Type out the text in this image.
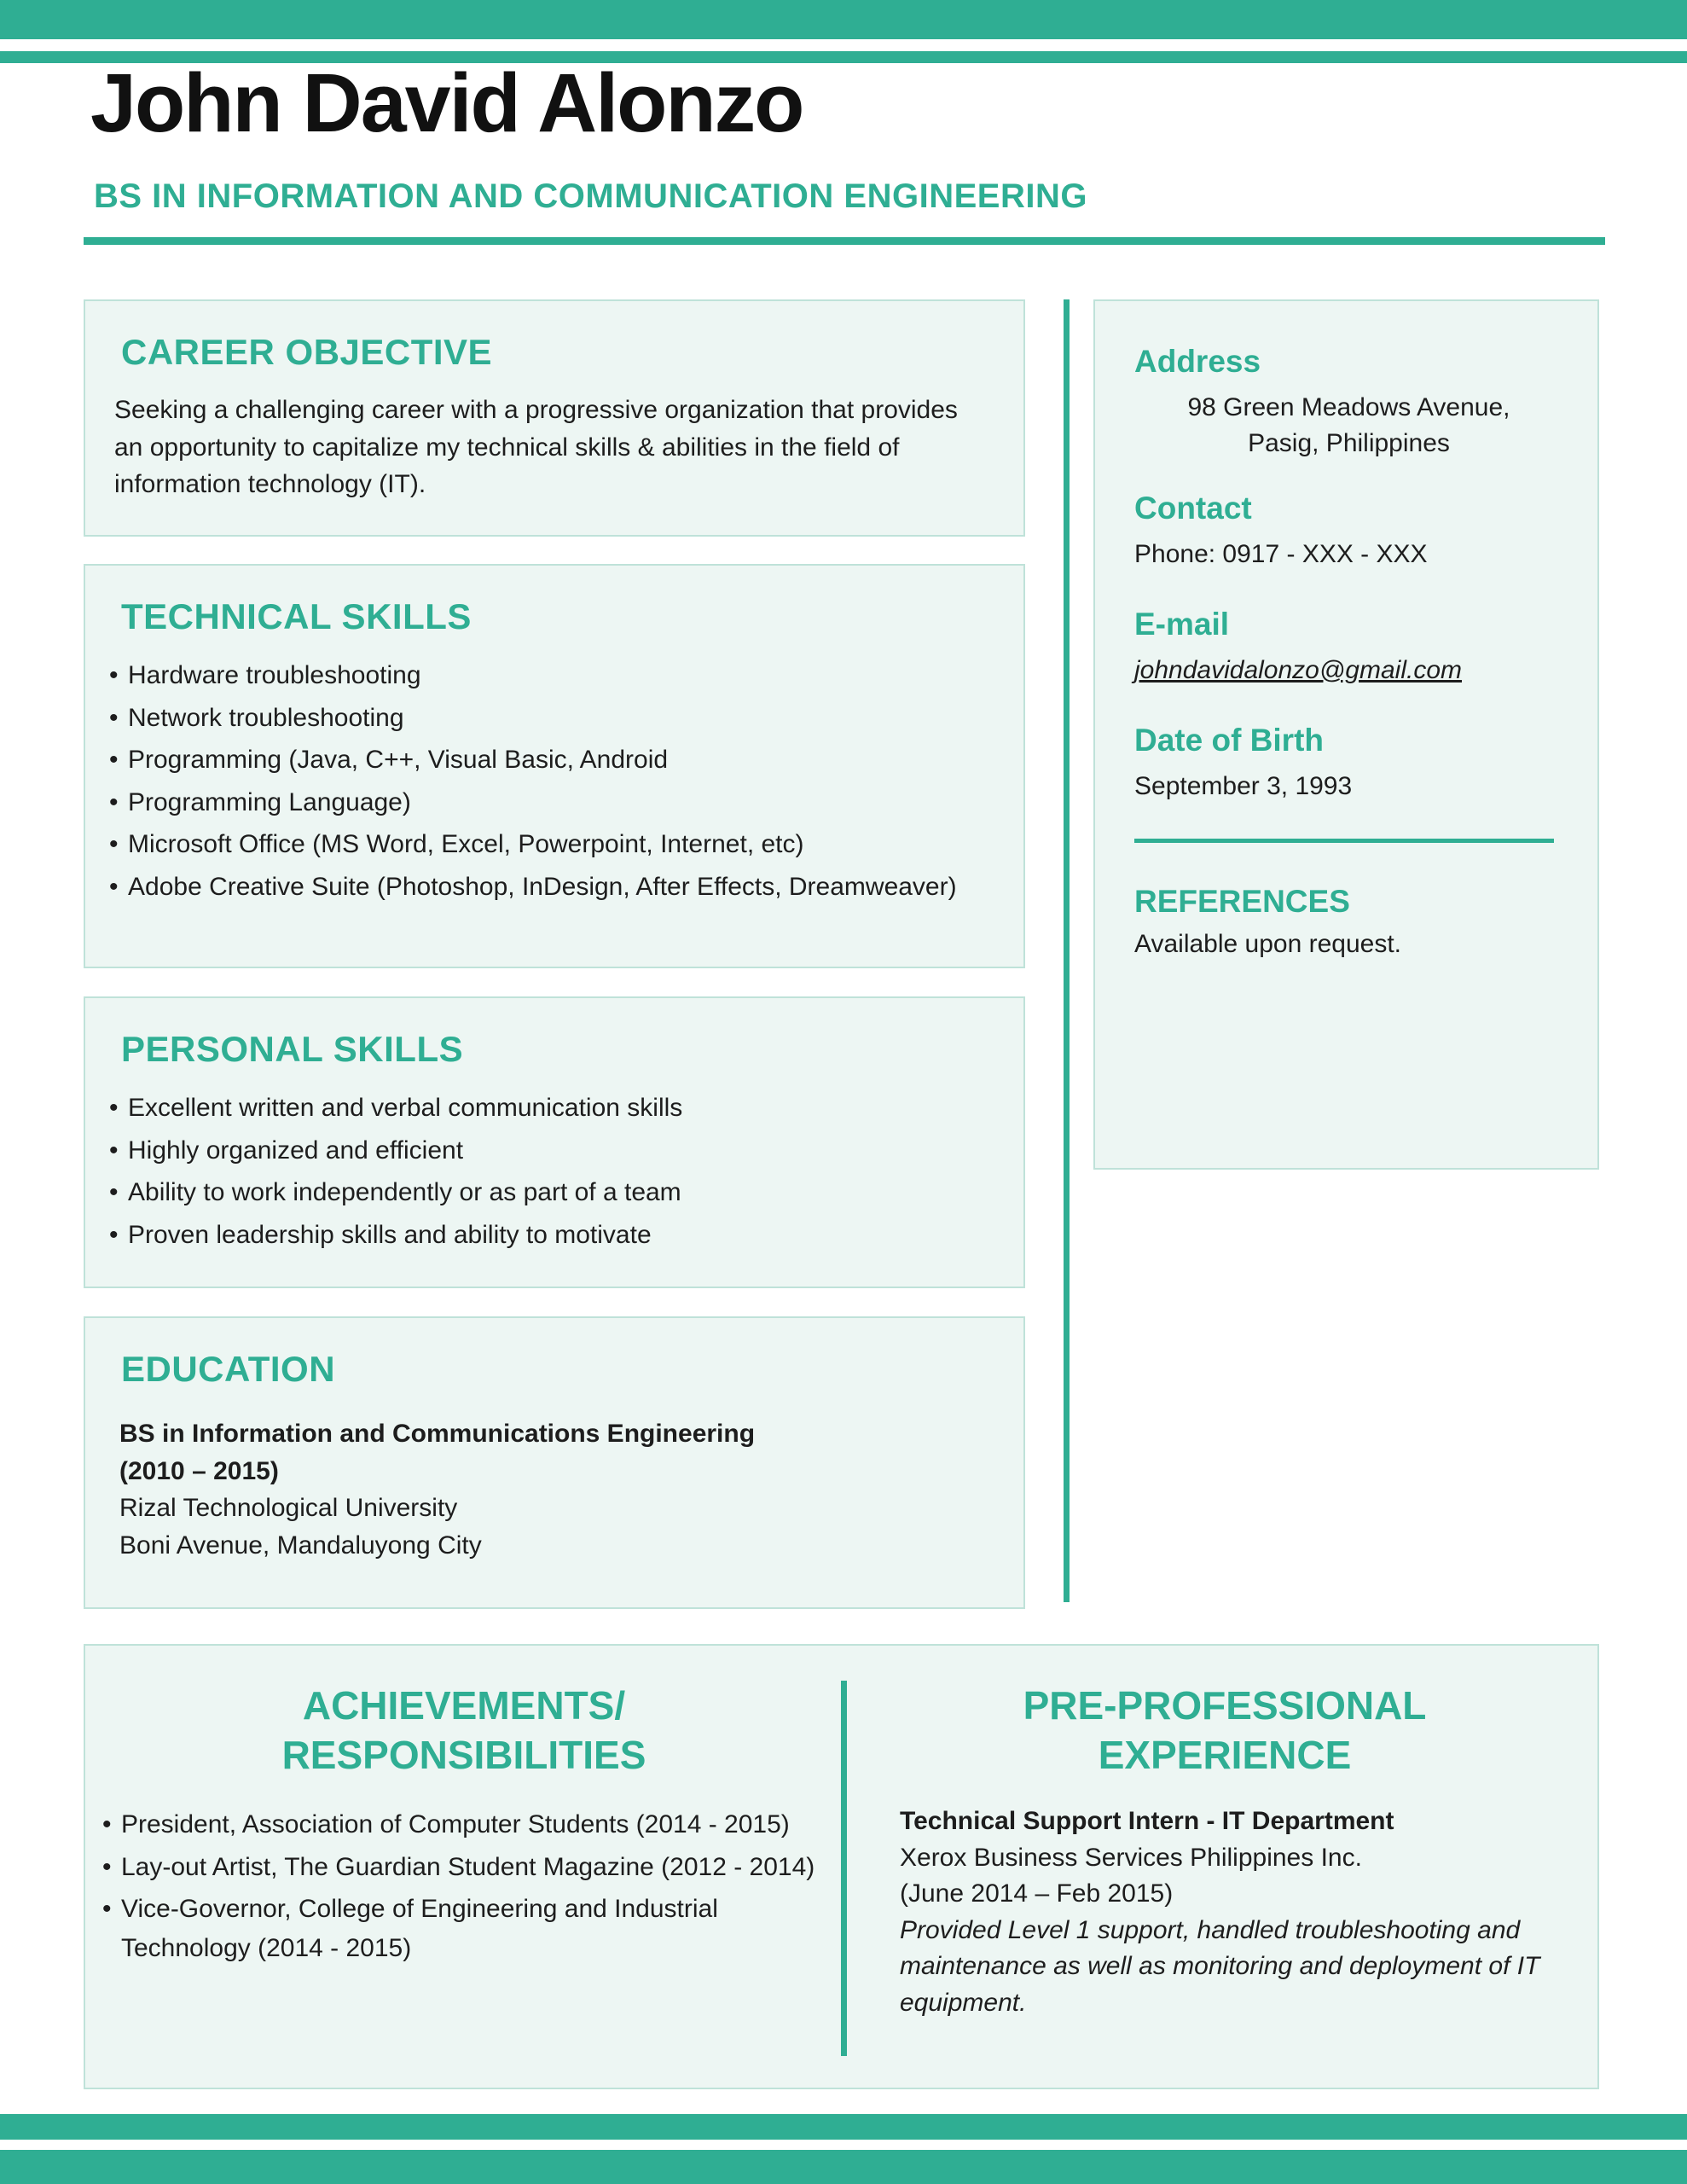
John David Alonzo
BS IN INFORMATION AND COMMUNICATION ENGINEERING
CAREER OBJECTIVE

Seeking a challenging career with a progressive organization that provides an opportunity to capitalize my technical skills & abilities in the field of information technology (IT).

TECHNICAL SKILLS
• Hardware troubleshooting
• Network troubleshooting
• Programming (Java, C++, Visual Basic, Android
• Programming Language)
• Microsoft Office (MS Word, Excel, Powerpoint, Internet, etc)
• Adobe Creative Suite (Photoshop, InDesign, After Effects, Dreamweaver)
PERSONAL SKILLS
• Excellent written and verbal communication skills
• Highly organized and efficient
• Ability to work independently or as part of a team
• Proven leadership skills and ability to motivate
EDUCATION
BS in Information and Communications Engineering
(2010 – 2015)
Rizal Technological University
Boni Avenue, Mandaluyong City
Address
98 Green Meadows Avenue,
Pasig, Philippines
Contact

Phone: 0917 - XXX - XXX

E-mail

johndavidalonzo@gmail.com

Date of Birth

September 3, 1993

REFERENCES

Available upon request.

ACHIEVEMENTS/
RESPONSIBILITIES
• President, Association of Computer Students (2014 - 2015)
• Lay-out Artist, The Guardian Student Magazine (2012 - 2014)
• Vice-Governor, College of Engineering and Industrial Technology (2014 - 2015)
PRE-PROFESSIONAL
EXPERIENCE
Technical Support Intern - IT Department
Xerox Business Services Philippines Inc.
(June 2014 – Feb 2015)
Provided Level 1 support, handled troubleshooting and maintenance as well as monitoring and deployment of IT equipment.
